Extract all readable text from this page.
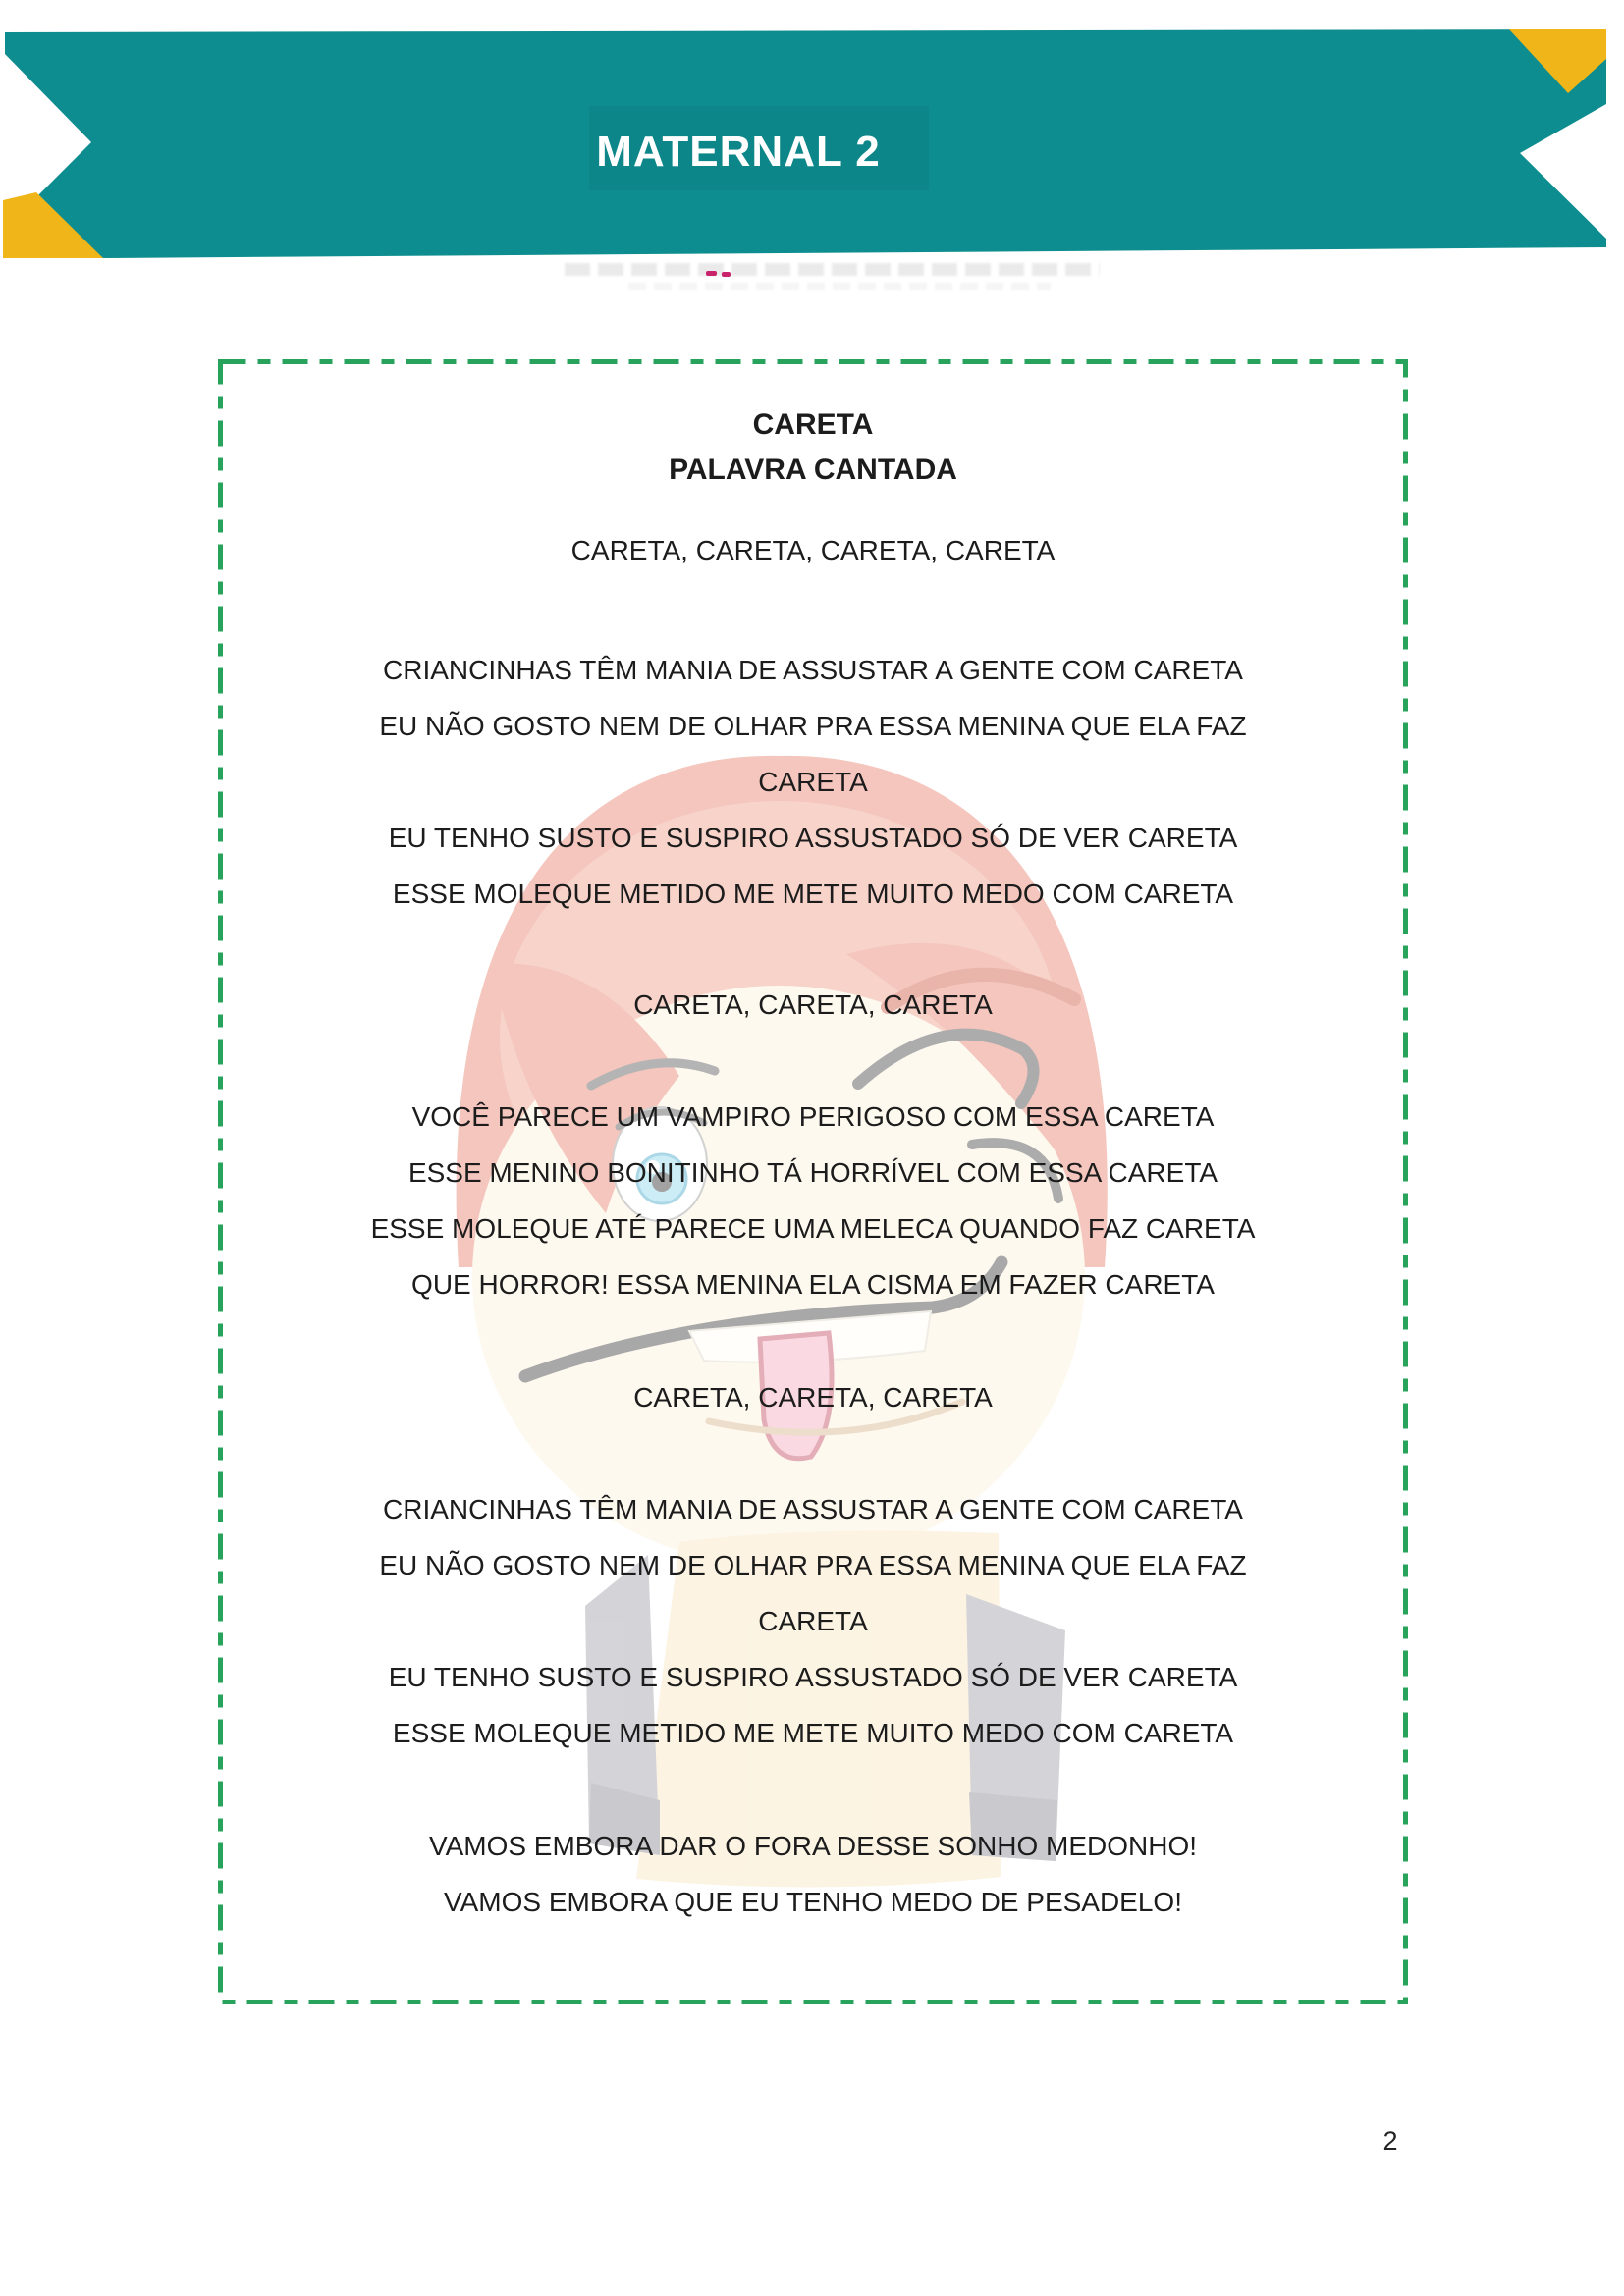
MATERNAL 2
CARETA
PALAVRA CANTADA
CARETA, CARETA, CARETA, CARETA
CRIANCINHAS TÊM MANIA DE ASSUSTAR A GENTE COM CARETA
EU NÃO GOSTO NEM DE OLHAR PRA ESSA MENINA QUE ELA FAZ
CARETA
EU TENHO SUSTO E SUSPIRO ASSUSTADO SÓ DE VER CARETA
ESSE MOLEQUE METIDO ME METE MUITO MEDO COM CARETA
CARETA, CARETA, CARETA
VOCÊ PARECE UM VAMPIRO PERIGOSO COM ESSA CARETA
ESSE MENINO BONITINHO TÁ HORRÍVEL COM ESSA CARETA
ESSE MOLEQUE ATÉ PARECE UMA MELECA QUANDO FAZ CARETA
QUE HORROR! ESSA MENINA ELA CISMA EM FAZER CARETA
CARETA, CARETA, CARETA
CRIANCINHAS TÊM MANIA DE ASSUSTAR A GENTE COM CARETA
EU NÃO GOSTO NEM DE OLHAR PRA ESSA MENINA QUE ELA FAZ
CARETA
EU TENHO SUSTO E SUSPIRO ASSUSTADO SÓ DE VER CARETA
ESSE MOLEQUE METIDO ME METE MUITO MEDO COM CARETA
VAMOS EMBORA DAR O FORA DESSE SONHO MEDONHO!
VAMOS EMBORA QUE EU TENHO MEDO DE PESADELO!
2
